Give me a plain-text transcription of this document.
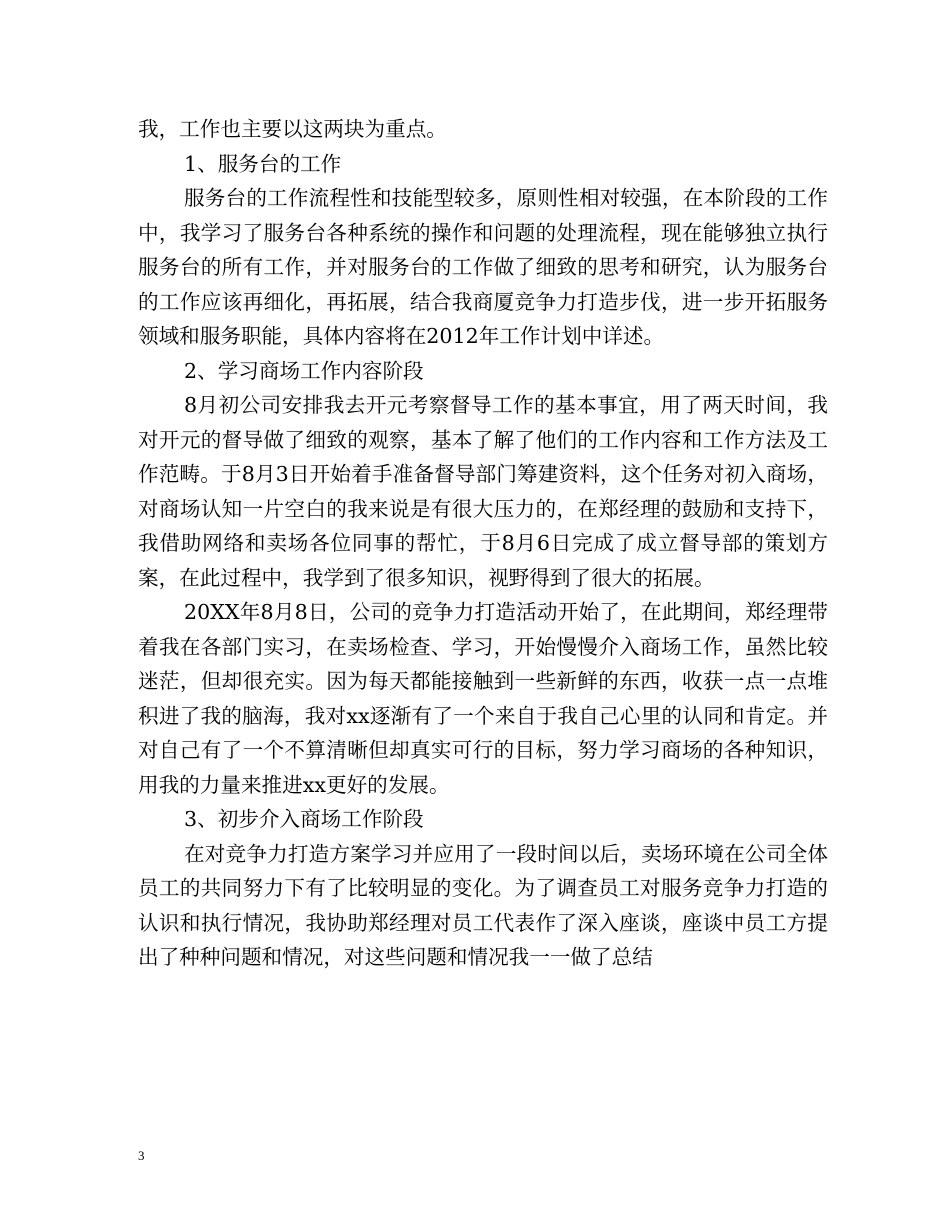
我，工作也主要以这两块为重点。

1、服务台的工作

服务台的工作流程性和技能型较多，原则性相对较强，在本阶段的工作中，我学习了服务台各种系统的操作和问题的处理流程，现在能够独立执行服务台的所有工作，并对服务台的工作做了细致的思考和研究，认为服务台的工作应该再细化，再拓展，结合我商厦竞争力打造步伐，进一步开拓服务领域和服务职能，具体内容将在2012年工作计划中详述。

2、学习商场工作内容阶段

8月初公司安排我去开元考察督导工作的基本事宜，用了两天时间，我对开元的督导做了细致的观察，基本了解了他们的工作内容和工作方法及工作范畴。于8月3日开始着手准备督导部门筹建资料，这个任务对初入商场，对商场认知一片空白的我来说是有很大压力的，在郑经理的鼓励和支持下，我借助网络和卖场各位同事的帮忙，于8月6日完成了成立督导部的策划方案，在此过程中，我学到了很多知识，视野得到了很大的拓展。

20XX年8月8日，公司的竞争力打造活动开始了，在此期间，郑经理带着我在各部门实习，在卖场检查、学习，开始慢慢介入商场工作，虽然比较迷茫，但却很充实。因为每天都能接触到一些新鲜的东西，收获一点一点堆积进了我的脑海，我对xx逐渐有了一个来自于我自己心里的认同和肯定。并对自己有了一个不算清晰但却真实可行的目标，努力学习商场的各种知识，用我的力量来推进xx更好的发展。

3、初步介入商场工作阶段

在对竞争力打造方案学习并应用了一段时间以后，卖场环境在公司全体员工的共同努力下有了比较明显的变化。为了调查员工对服务竞争力打造的认识和执行情况，我协助郑经理对员工代表作了深入座谈，座谈中员工方提出了种种问题和情况，对这些问题和情况我一一做了总结

3
